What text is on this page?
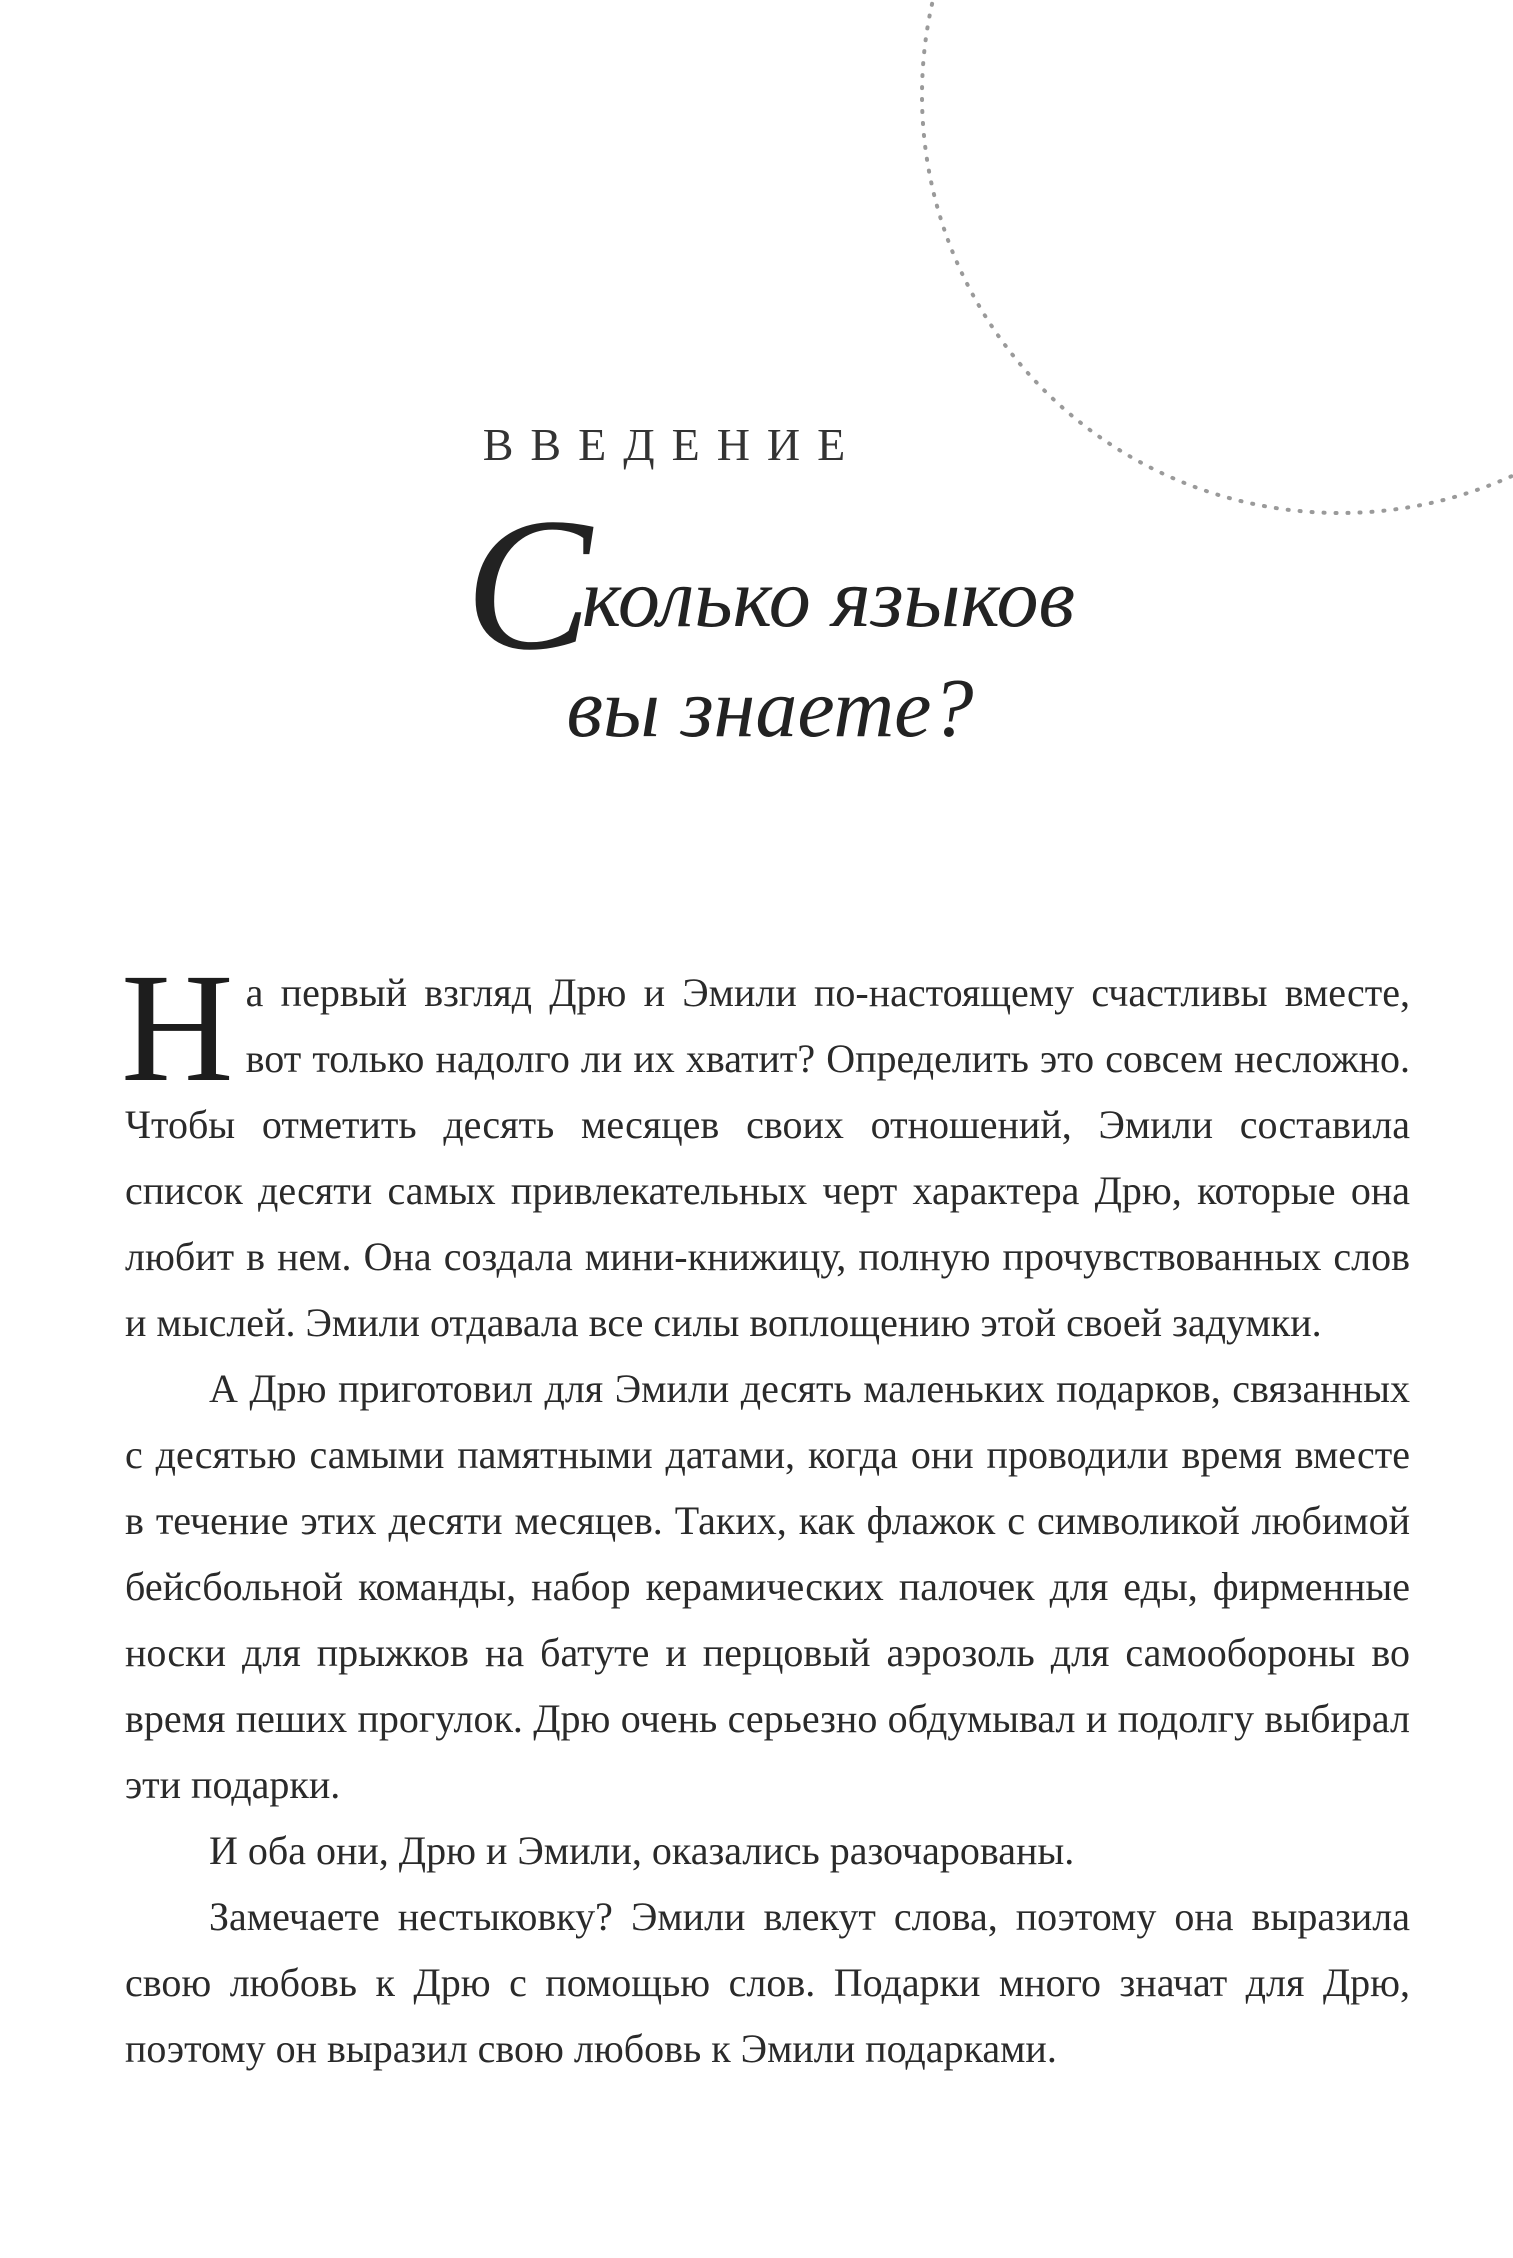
ВВЕДЕНИЕ
Сколько языков
вы знаете?

На первый взгляд Дрю и Эмили по-настоящему счастливы вместе, вот только надолго ли их хватит? Определить это совсем несложно. Чтобы отметить десять месяцев своих отношений, Эмили составила список десяти самых привлекательных черт характера Дрю, которые она любит в нем. Она создала мини-книжицу, полную прочувствованных слов и мыслей. Эмили отдавала все силы воплощению этой своей задумки.

А Дрю приготовил для Эмили десять маленьких подарков, связанных с десятью самыми памятными датами, когда они проводили время вместе в течение этих десяти месяцев. Таких, как флажок с символикой любимой бейсбольной команды, набор керамических палочек для еды, фирменные носки для прыжков на батуте и перцовый аэрозоль для самообороны во время пеших прогулок. Дрю очень серьезно обдумывал и подолгу выбирал эти подарки.

И оба они, Дрю и Эмили, оказались разочарованы.

Замечаете нестыковку? Эмили влекут слова, поэтому она выразила свою любовь к Дрю с помощью слов. Подарки много значат для Дрю, поэтому он выразил свою любовь к Эмили подарками.
